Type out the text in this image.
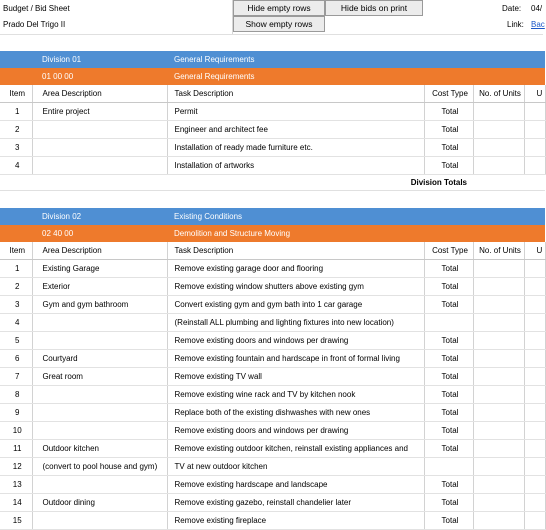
Budget / Bid Sheet
Prado Del Trigo II
Hide empty rows
Show empty rows
Hide bids on print	Date: 04/
Link: Bac
	Division 01	General Requirements			
	01 00 00	General Requirements			
Item	Area Description	Task Description	Cost Type	No. of Units	U
1	Entire project	Permit	Total		
2		Engineer and architect fee	Total		
3		Installation of ready made furniture etc.	Total		
4		Installation of artworks	Total		
		Division Totals			
	Division 02	Existing Conditions			
	02 40 00	Demolition and Structure Moving			
Item	Area Description	Task Description	Cost Type	No. of Units	U
1	Existing Garage	Remove existing garage door and flooring	Total		
2	Exterior	Remove existing window shutters above existing gym	Total		
3	Gym and gym bathroom	Convert existing gym and gym bath into 1 car garage	Total		
4		(Reinstall ALL plumbing and lighting fixtures into new location)			
5		Remove existing doors and windows per drawing	Total		
6	Courtyard	Remove existing fountain and hardscape in front of formal living	Total		
7	Great room	Remove existing TV wall	Total		
8		Remove existing wine rack and TV by kitchen nook	Total		
9		Replace both of the existing dishwashes with new ones	Total		
10		Remove existing doors and windows per drawing	Total		
11	Outdoor kitchen	Remove existing outdoor kitchen, reinstall existing appliances and	Total		
12	(convert to pool house and gym)	TV at new outdoor kitchen			
13		Remove existing hardscape and landscape	Total		
14	Outdoor dining	Remove existing gazebo, reinstall chandelier later	Total		
15		Remove existing fireplace	Total		
